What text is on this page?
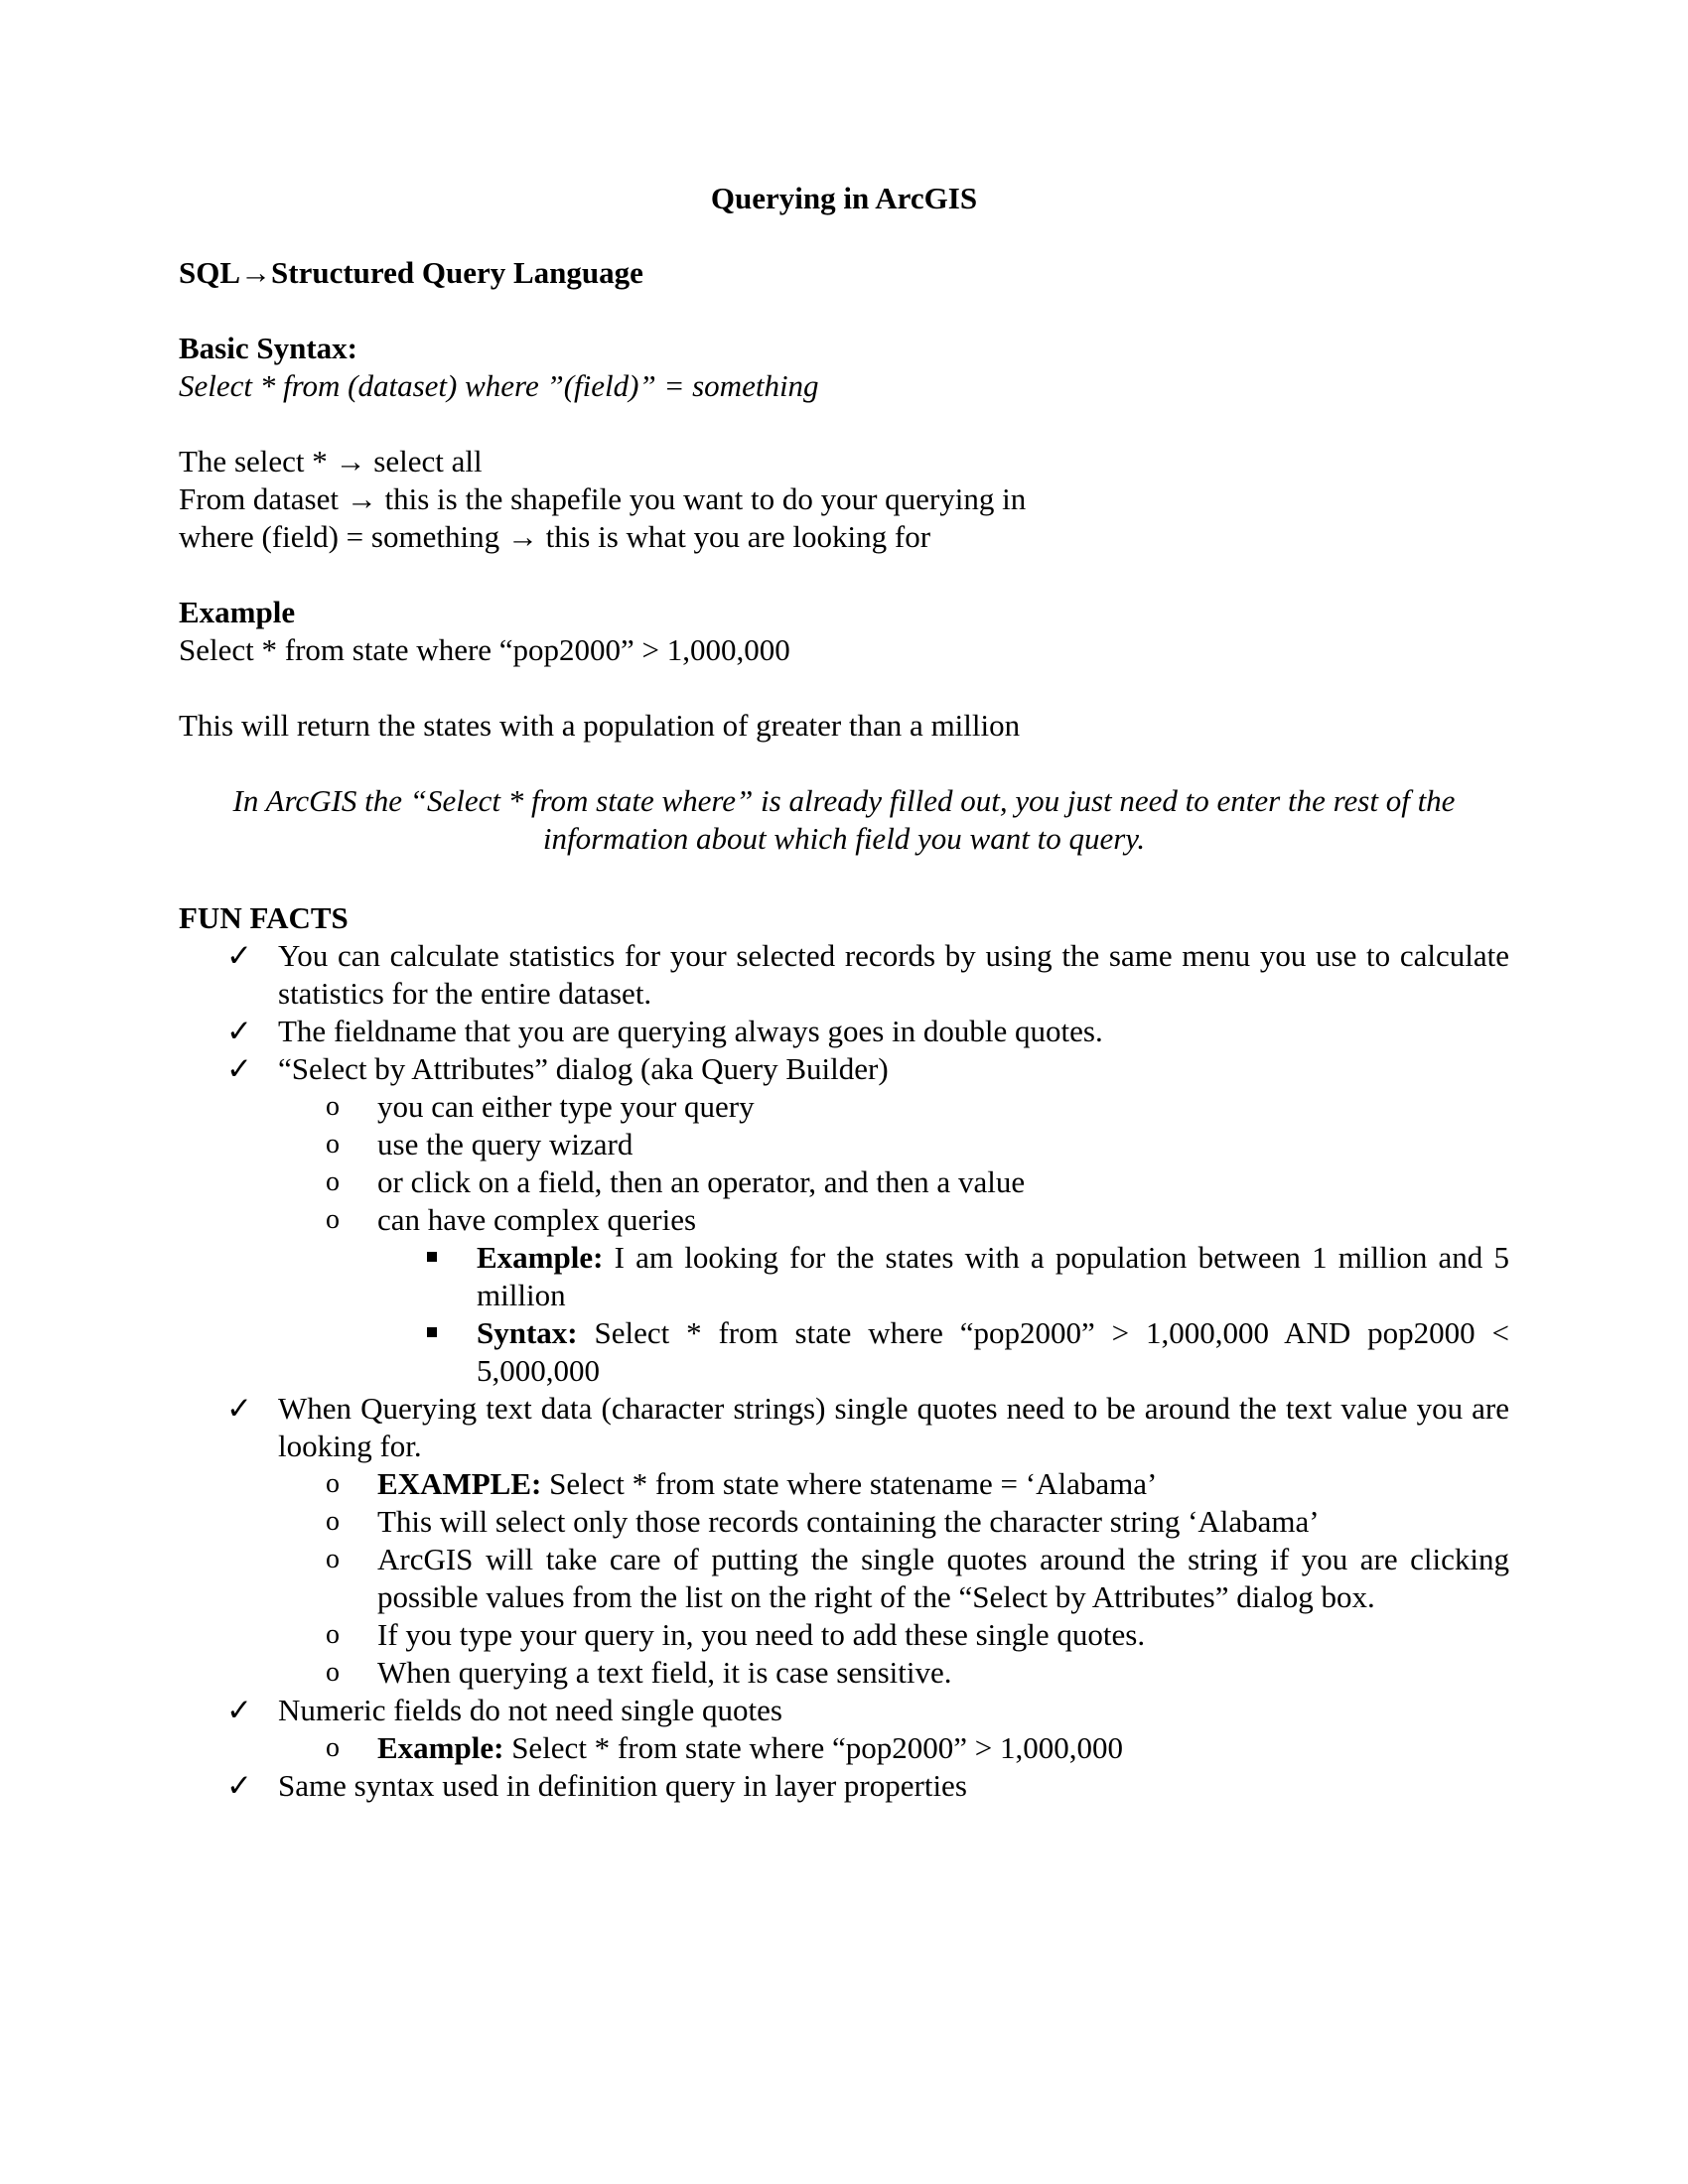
Querying in ArcGIS
SQL→Structured Query Language
Basic Syntax:
Select * from (dataset) where ”(field)” = something
The select * → select all
From dataset → this is the shapefile you want to do your querying in
where (field) = something → this is what you are looking for
Example
Select * from state where “pop2000” > 1,000,000
This will return the states with a population of greater than a million
In ArcGIS the “Select * from state where” is already filled out, you just need to enter the rest of the
information about which field you want to query.
FUN FACTS
✓ You can calculate statistics for your selected records by using the same menu you use to calculate statistics for the entire dataset.
✓ The fieldname that you are querying always goes in double quotes.
✓ “Select by Attributes” dialog (aka Query Builder)
o	you can either type your query
o	use the query wizard
o	or click on a field, then an operator, and then a value
o	can have complex queries
Example: I am looking for the states with a population between 1 million and 5 million
Syntax: Select * from state where “pop2000” > 1,000,000 AND pop2000 < 5,000,000
✓ When Querying text data (character strings) single quotes need to be around the text value you are looking for.
o	EXAMPLE: Select * from state where statename = ‘Alabama’
o	This will select only those records containing the character string ‘Alabama’
o	ArcGIS will take care of putting the single quotes around the string if you are clicking possible values from the list on the right of the “Select by Attributes” dialog box.
o	If you type your query in, you need to add these single quotes.
o	When querying a text field, it is case sensitive.
✓ Numeric fields do not need single quotes
o	Example: Select * from state where “pop2000” > 1,000,000
✓ Same syntax used in definition query in layer properties
